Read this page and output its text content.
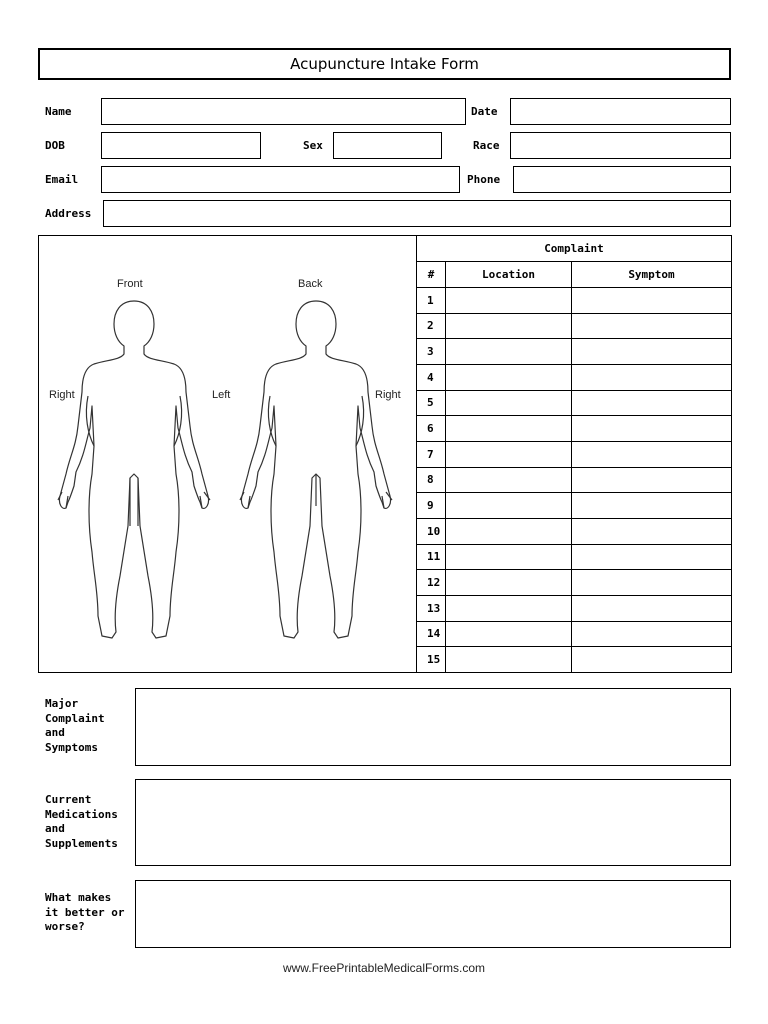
Acupuncture Intake Form
Name	Date
DOB	Sex	Race
Email	Phone
Address
Front	Back
Right	Left	Right
Complaint		
#	Location	Symptom
1		
2		
3		
4		
5		
6		
7		
8		
9		
10		
11		
12		
13		
14		
15		
Major
Complaint
and
Symptoms
Current
Medications
and
Supplements
What makes
it better or
worse?
www.FreePrintableMedicalForms.com
